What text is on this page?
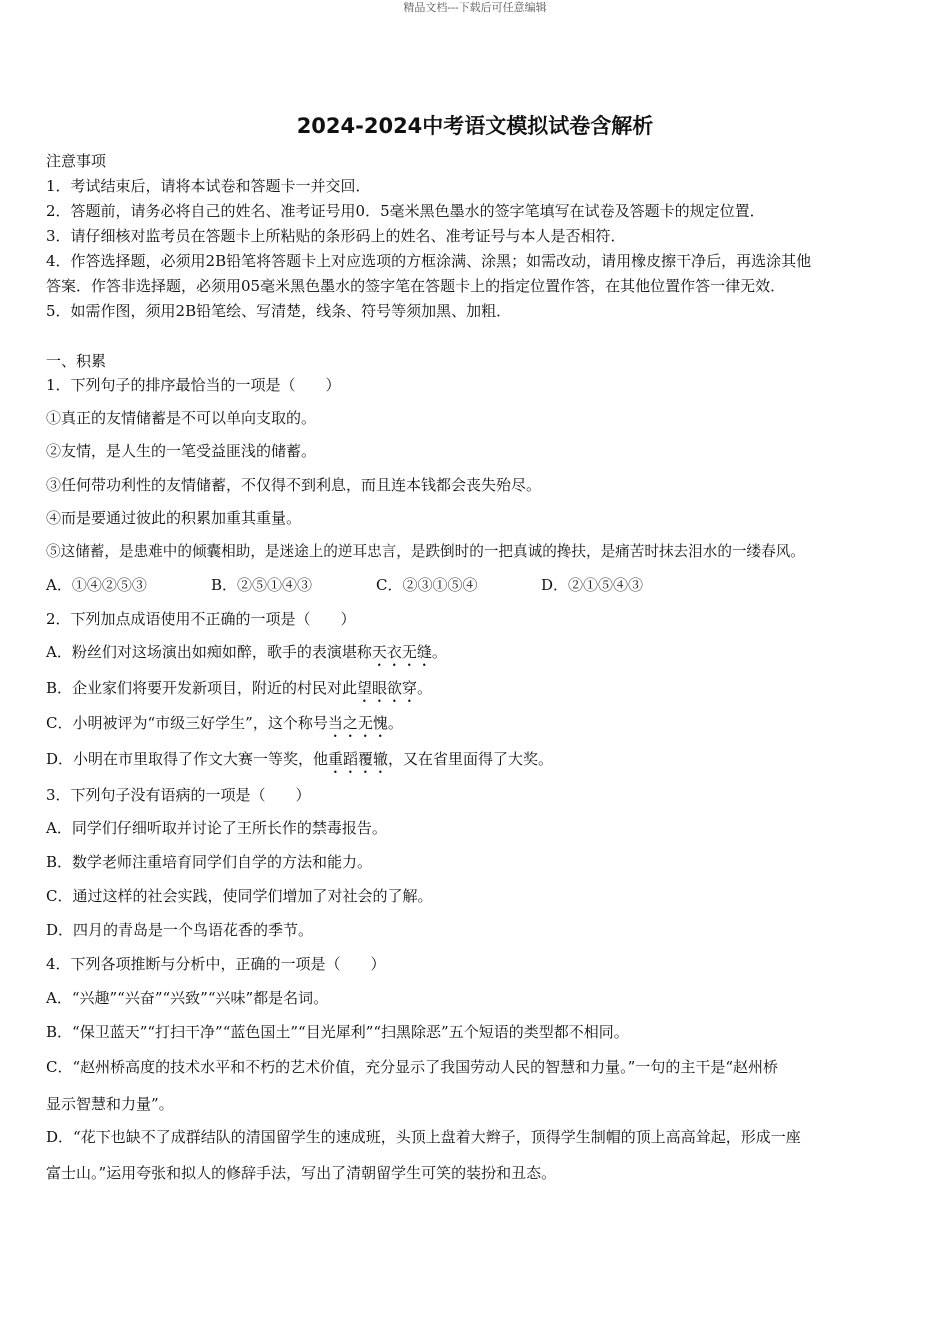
精品文档---下载后可任意编辑
2024-2024中考语文模拟试卷含解析
注意事项
1．考试结束后，请将本试卷和答题卡一并交回．
2．答题前，请务必将自己的姓名、准考证号用0．5毫米黑色墨水的签字笔填写在试卷及答题卡的规定位置．
3．请仔细核对监考员在答题卡上所粘贴的条形码上的姓名、准考证号与本人是否相符．
4．作答选择题，必须用2B铅笔将答题卡上对应选项的方框涂满、涂黑；如需改动，请用橡皮擦干净后，再选涂其他
答案．作答非选择题，必须用05毫米黑色墨水的签字笔在答题卡上的指定位置作答，在其他位置作答一律无效．
5．如需作图，须用2B铅笔绘、写清楚，线条、符号等须加黑、加粗．
一、积累
1．下列句子的排序最恰当的一项是（　　）
①真正的友情储蓄是不可以单向支取的。
②友情，是人生的一笔受益匪浅的储蓄。
③任何带功利性的友情储蓄，不仅得不到利息，而且连本钱都会丧失殆尽。
④而是要通过彼此的积累加重其重量。
⑤这储蓄，是患难中的倾囊相助，是迷途上的逆耳忠言，是跌倒时的一把真诚的搀扶，是痛苦时抹去泪水的一缕春风。
A．①④②⑤③	B．②⑤①④③	C．②③①⑤④	D．②①⑤④③
2．下列加点成语使用不正确的一项是（　　）
A．粉丝们对这场演出如痴如醉，歌手的表演堪称天衣无缝。
B．企业家们将要开发新项目，附近的村民对此望眼欲穿。
C．小明被评为“市级三好学生”，这个称号当之无愧。
D．小明在市里取得了作文大赛一等奖，他重蹈覆辙，又在省里面得了大奖。
3．下列句子没有语病的一项是（　　）
A．同学们仔细听取并讨论了王所长作的禁毒报告。
B．数学老师注重培育同学们自学的方法和能力。
C．通过这样的社会实践，使同学们增加了对社会的了解。
D．四月的青岛是一个鸟语花香的季节。
4．下列各项推断与分析中，正确的一项是（　　）
A．“兴趣”“兴奋”“兴致”“兴味”都是名词。
B．“保卫蓝天”“打扫干净”“蓝色国土”“目光犀利”“扫黑除恶”五个短语的类型都不相同。
C．“赵州桥高度的技术水平和不朽的艺术价值，充分显示了我国劳动人民的智慧和力量。”一句的主干是“赵州桥
显示智慧和力量”。
D．“花下也缺不了成群结队的清国留学生的速成班，头顶上盘着大辫子，顶得学生制帽的顶上高高耸起，形成一座
富士山。”运用夸张和拟人的修辞手法，写出了清朝留学生可笑的装扮和丑态。
